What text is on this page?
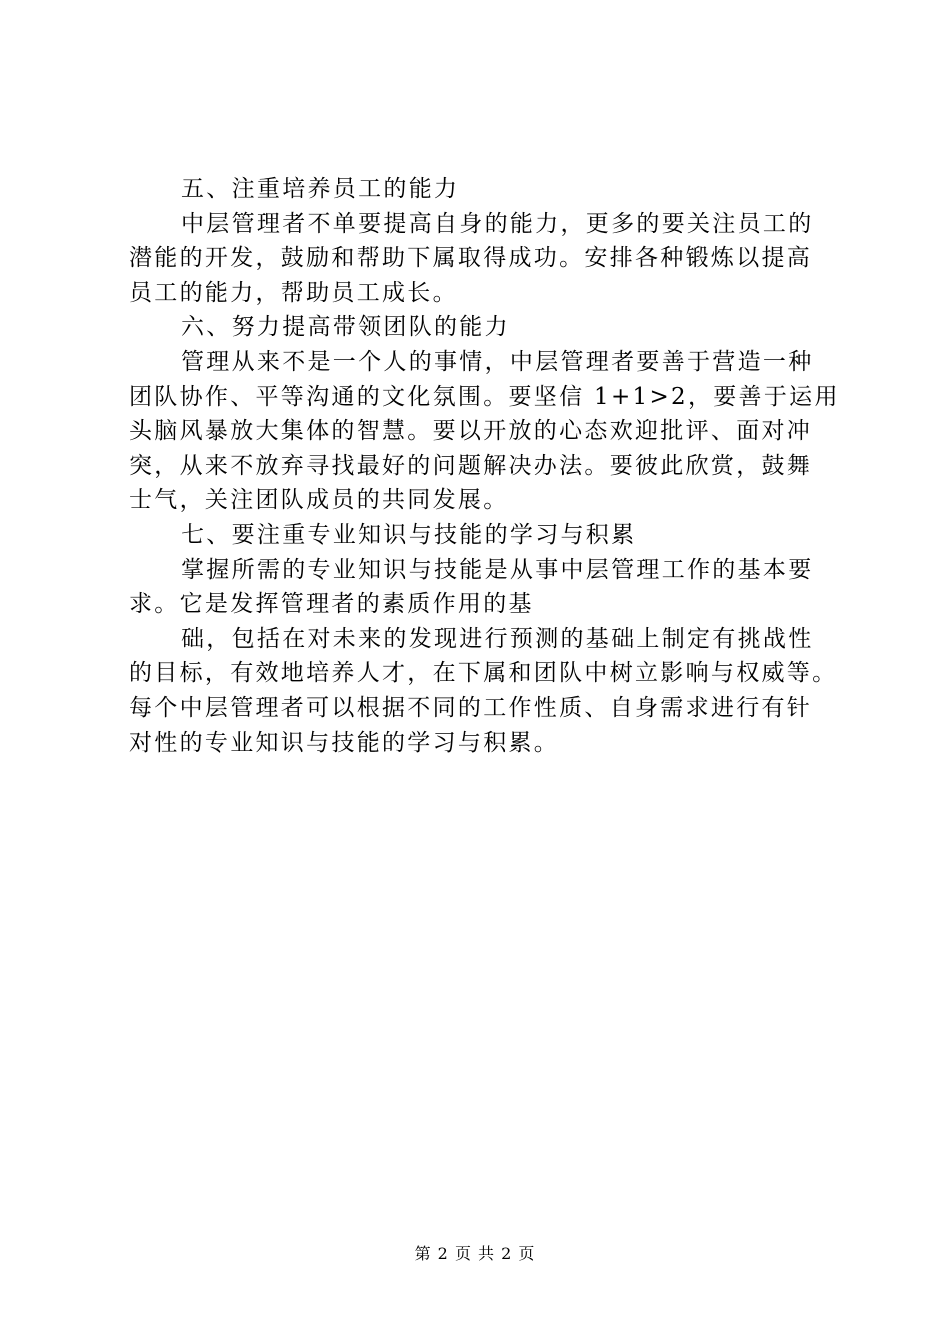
五、注重培养员工的能力
中层管理者不单要提高自身的能力，更多的要关注员工的
潜能的开发，鼓励和帮助下属取得成功。安排各种锻炼以提高
员工的能力，帮助员工成长。
六、努力提高带领团队的能力
管理从来不是一个人的事情，中层管理者要善于营造一种
团队协作、平等沟通的文化氛围。要坚信 1+1>2，要善于运用
头脑风暴放大集体的智慧。要以开放的心态欢迎批评、面对冲
突，从来不放弃寻找最好的问题解决办法。要彼此欣赏，鼓舞
士气，关注团队成员的共同发展。
七、要注重专业知识与技能的学习与积累
掌握所需的专业知识与技能是从事中层管理工作的基本要
求。它是发挥管理者的素质作用的基
础，包括在对未来的发现进行预测的基础上制定有挑战性
的目标，有效地培养人才，在下属和团队中树立影响与权威等。
每个中层管理者可以根据不同的工作性质、自身需求进行有针
对性的专业知识与技能的学习与积累。
第 2 页 共 2 页
